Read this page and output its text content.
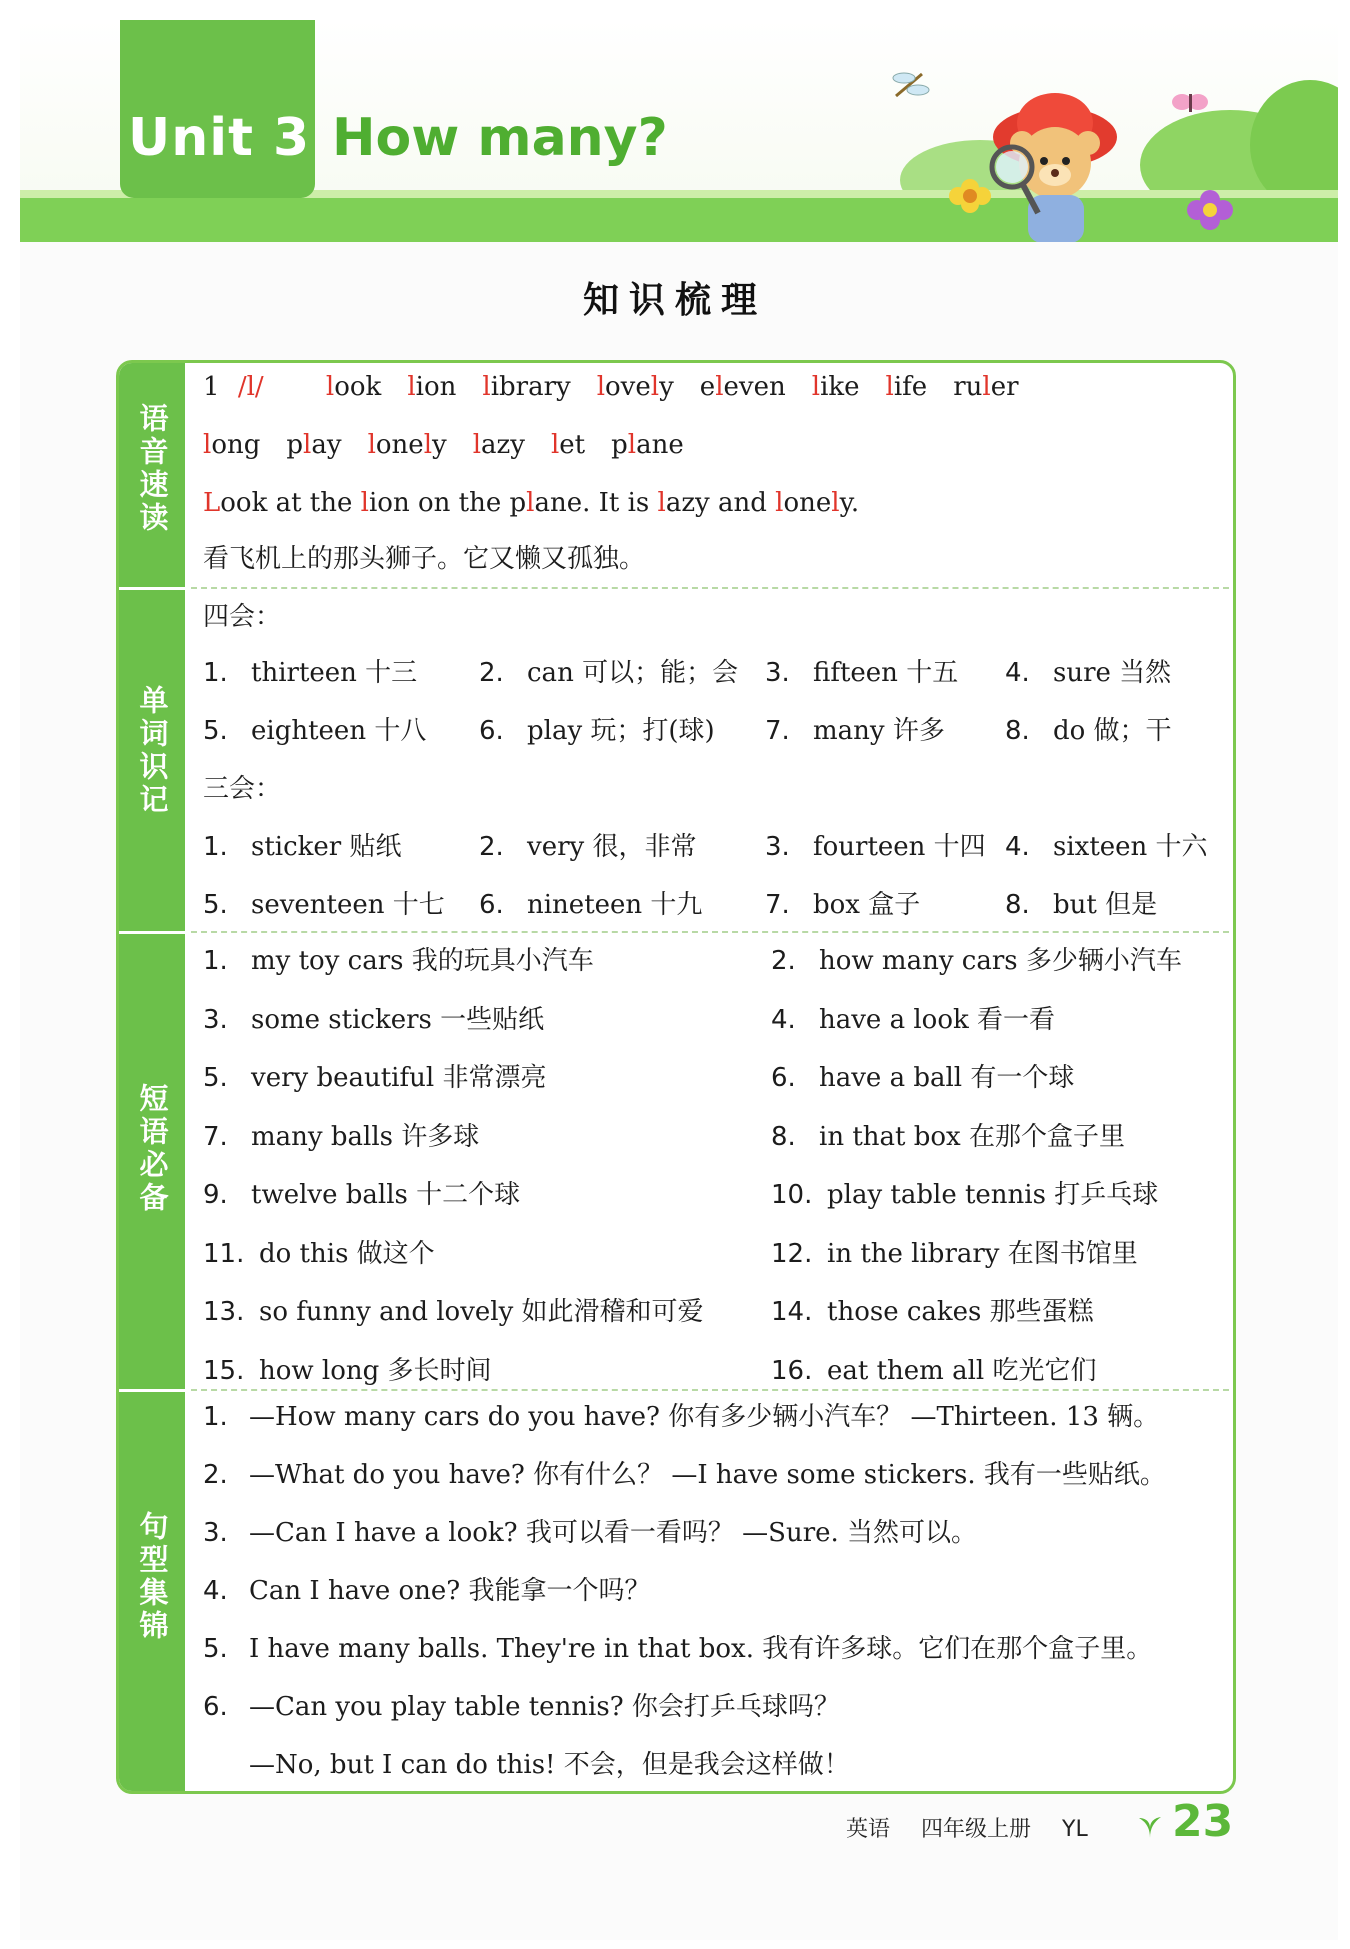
Unit 3 How many?
知识梳理
语音速读
单词识记
短语必备
句型集锦
1 /l/ look lion library lovely eleven like life ruler
long play lonely lazy let plane
Look at the lion on the plane. It is lazy and lonely.
看飞机上的那头狮子。它又懒又孤独。
四会：
1. thirteen 十三 2. can 可以；能；会 3. fifteen 十五 4. sure 当然
5. eighteen 十八 6. play 玩；打(球) 7. many 许多 8. do 做；干
三会：
1. sticker 贴纸	2. very 很，非常	3. fourteen 十四 4. sixteen 十六
5. seventeen 十七 6. nineteen 十九 7. box 盒子	8. but 但是
1. my toy cars 我的玩具小汽车	2. how many cars 多少辆小汽车
3. some stickers 一些贴纸	4. have a look 看一看
5. very beautiful 非常漂亮	6. have a ball 有一个球
7. many balls 许多球	8. in that box 在那个盒子里
9. twelve balls 十二个球	10. play table tennis 打乒乓球
11. do this 做这个	12. in the library 在图书馆里
13. so funny and lovely 如此滑稽和可爱	14. those cakes 那些蛋糕
15. how long 多长时间	16. eat them all 吃光它们
1. —How many cars do you have? 你有多少辆小汽车？ —Thirteen. 13 辆。
2. —What do you have? 你有什么？ —I have some stickers. 我有一些贴纸。
3. —Can I have a look? 我可以看一看吗？ —Sure. 当然可以。
4. Can I have one? 我能拿一个吗？
5. I have many balls. They're in that box. 我有许多球。它们在那个盒子里。
6. —Can you play table tennis? 你会打乒乓球吗？
—No, but I can do this! 不会，但是我会这样做！
英语 四年级上册 YL	23
